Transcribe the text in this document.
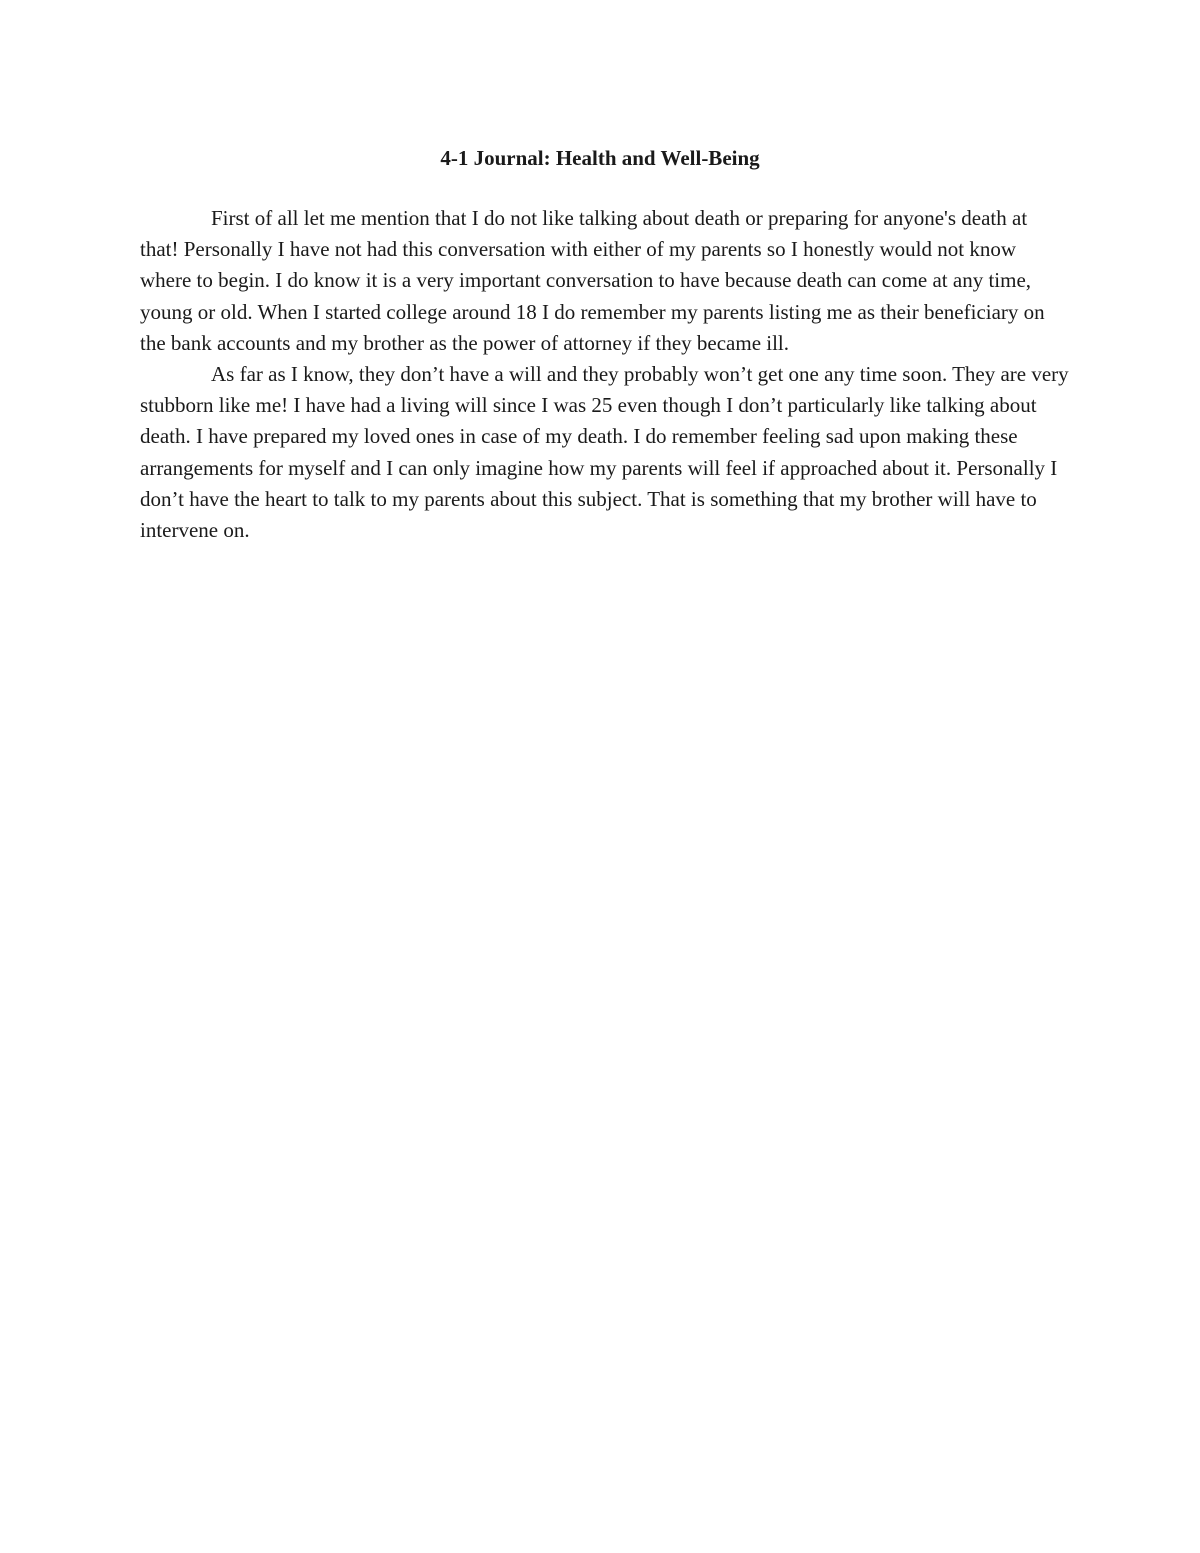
4-1 Journal: Health and Well-Being

First of all let me mention that I do not like talking about death or preparing for anyone's death at that! Personally I have not had this conversation with either of my parents so I honestly would not know where to begin. I do know it is a very important conversation to have because death can come at any time, young or old. When I started college around 18 I do remember my parents listing me as their beneficiary on the bank accounts and my brother as the power of attorney if they became ill.

As far as I know, they don’t have a will and they probably won’t get one any time soon. They are very stubborn like me! I have had a living will since I was 25 even though I don’t particularly like talking about death. I have prepared my loved ones in case of my death. I do remember feeling sad upon making these arrangements for myself and I can only imagine how my parents will feel if approached about it. Personally I don’t have the heart to talk to my parents about this subject. That is something that my brother will have to intervene on.
